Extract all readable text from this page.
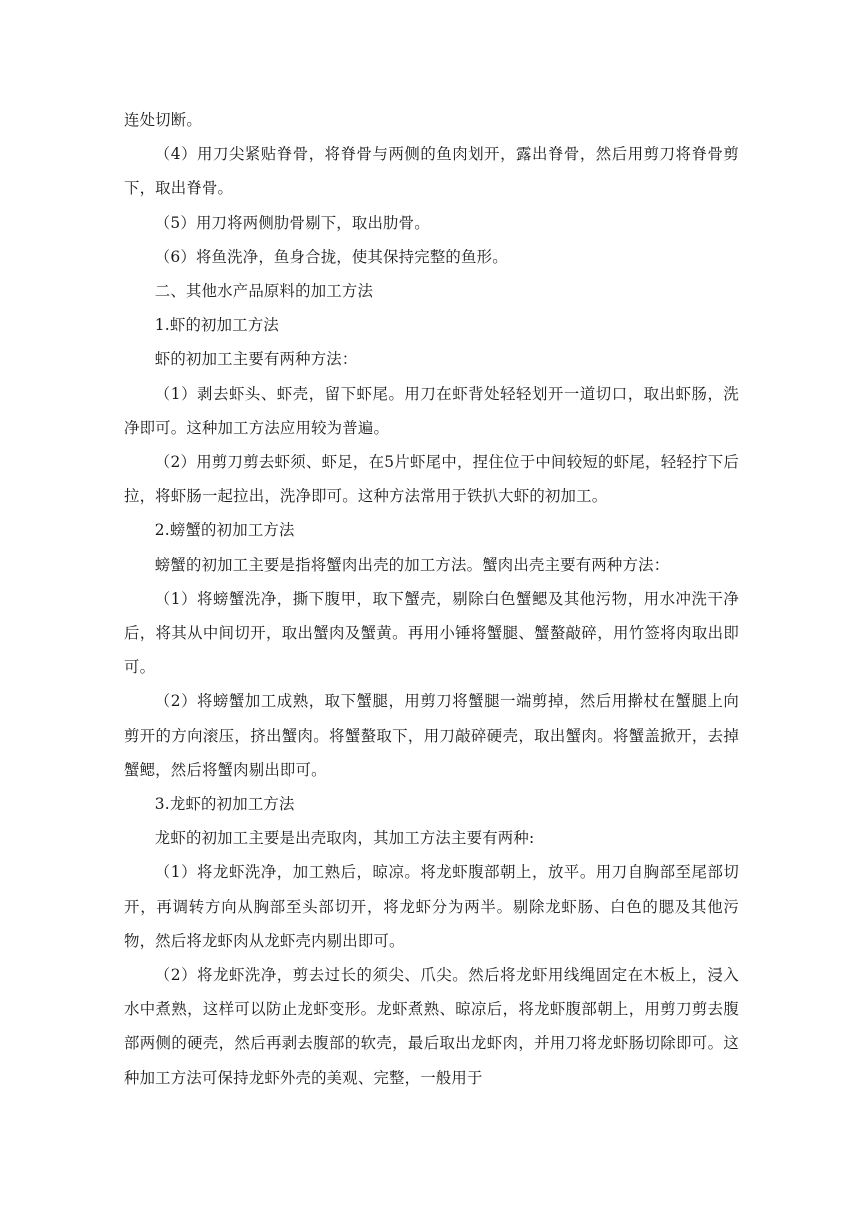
连处切断。

（4）用刀尖紧贴脊骨，将脊骨与两侧的鱼肉划开，露出脊骨，然后用剪刀将脊骨剪下，取出脊骨。

（5）用刀将两侧肋骨剔下，取出肋骨。

（6）将鱼洗净，鱼身合拢，使其保持完整的鱼形。

二、其他水产品原料的加工方法

1.虾的初加工方法

虾的初加工主要有两种方法：

（1）剥去虾头、虾壳，留下虾尾。用刀在虾背处轻轻划开一道切口，取出虾肠，洗净即可。这种加工方法应用较为普遍。

（2）用剪刀剪去虾须、虾足，在5片虾尾中，捏住位于中间较短的虾尾，轻轻拧下后拉，将虾肠一起拉出，洗净即可。这种方法常用于铁扒大虾的初加工。

2.螃蟹的初加工方法

螃蟹的初加工主要是指将蟹肉出壳的加工方法。蟹肉出壳主要有两种方法：

（1）将螃蟹洗净，撕下腹甲，取下蟹壳，剔除白色蟹鳃及其他污物，用水冲洗干净后，将其从中间切开，取出蟹肉及蟹黄。再用小锤将蟹腿、蟹螯敲碎，用竹签将肉取出即可。

（2）将螃蟹加工成熟，取下蟹腿，用剪刀将蟹腿一端剪掉，然后用擀杖在蟹腿上向剪开的方向滚压，挤出蟹肉。将蟹螯取下，用刀敲碎硬壳，取出蟹肉。将蟹盖掀开，去掉蟹鳃，然后将蟹肉剔出即可。

3.龙虾的初加工方法

龙虾的初加工主要是出壳取肉，其加工方法主要有两种:

（1）将龙虾洗净，加工熟后，晾凉。将龙虾腹部朝上，放平。用刀自胸部至尾部切开，再调转方向从胸部至头部切开，将龙虾分为两半。剔除龙虾肠、白色的腮及其他污物，然后将龙虾肉从龙虾壳内剔出即可。

（2）将龙虾洗净，剪去过长的须尖、爪尖。然后将龙虾用线绳固定在木板上，浸入水中煮熟，这样可以防止龙虾变形。龙虾煮熟、晾凉后，将龙虾腹部朝上，用剪刀剪去腹部两侧的硬壳，然后再剥去腹部的软壳，最后取出龙虾肉，并用刀将龙虾肠切除即可。这种加工方法可保持龙虾外壳的美观、完整，一般用于
